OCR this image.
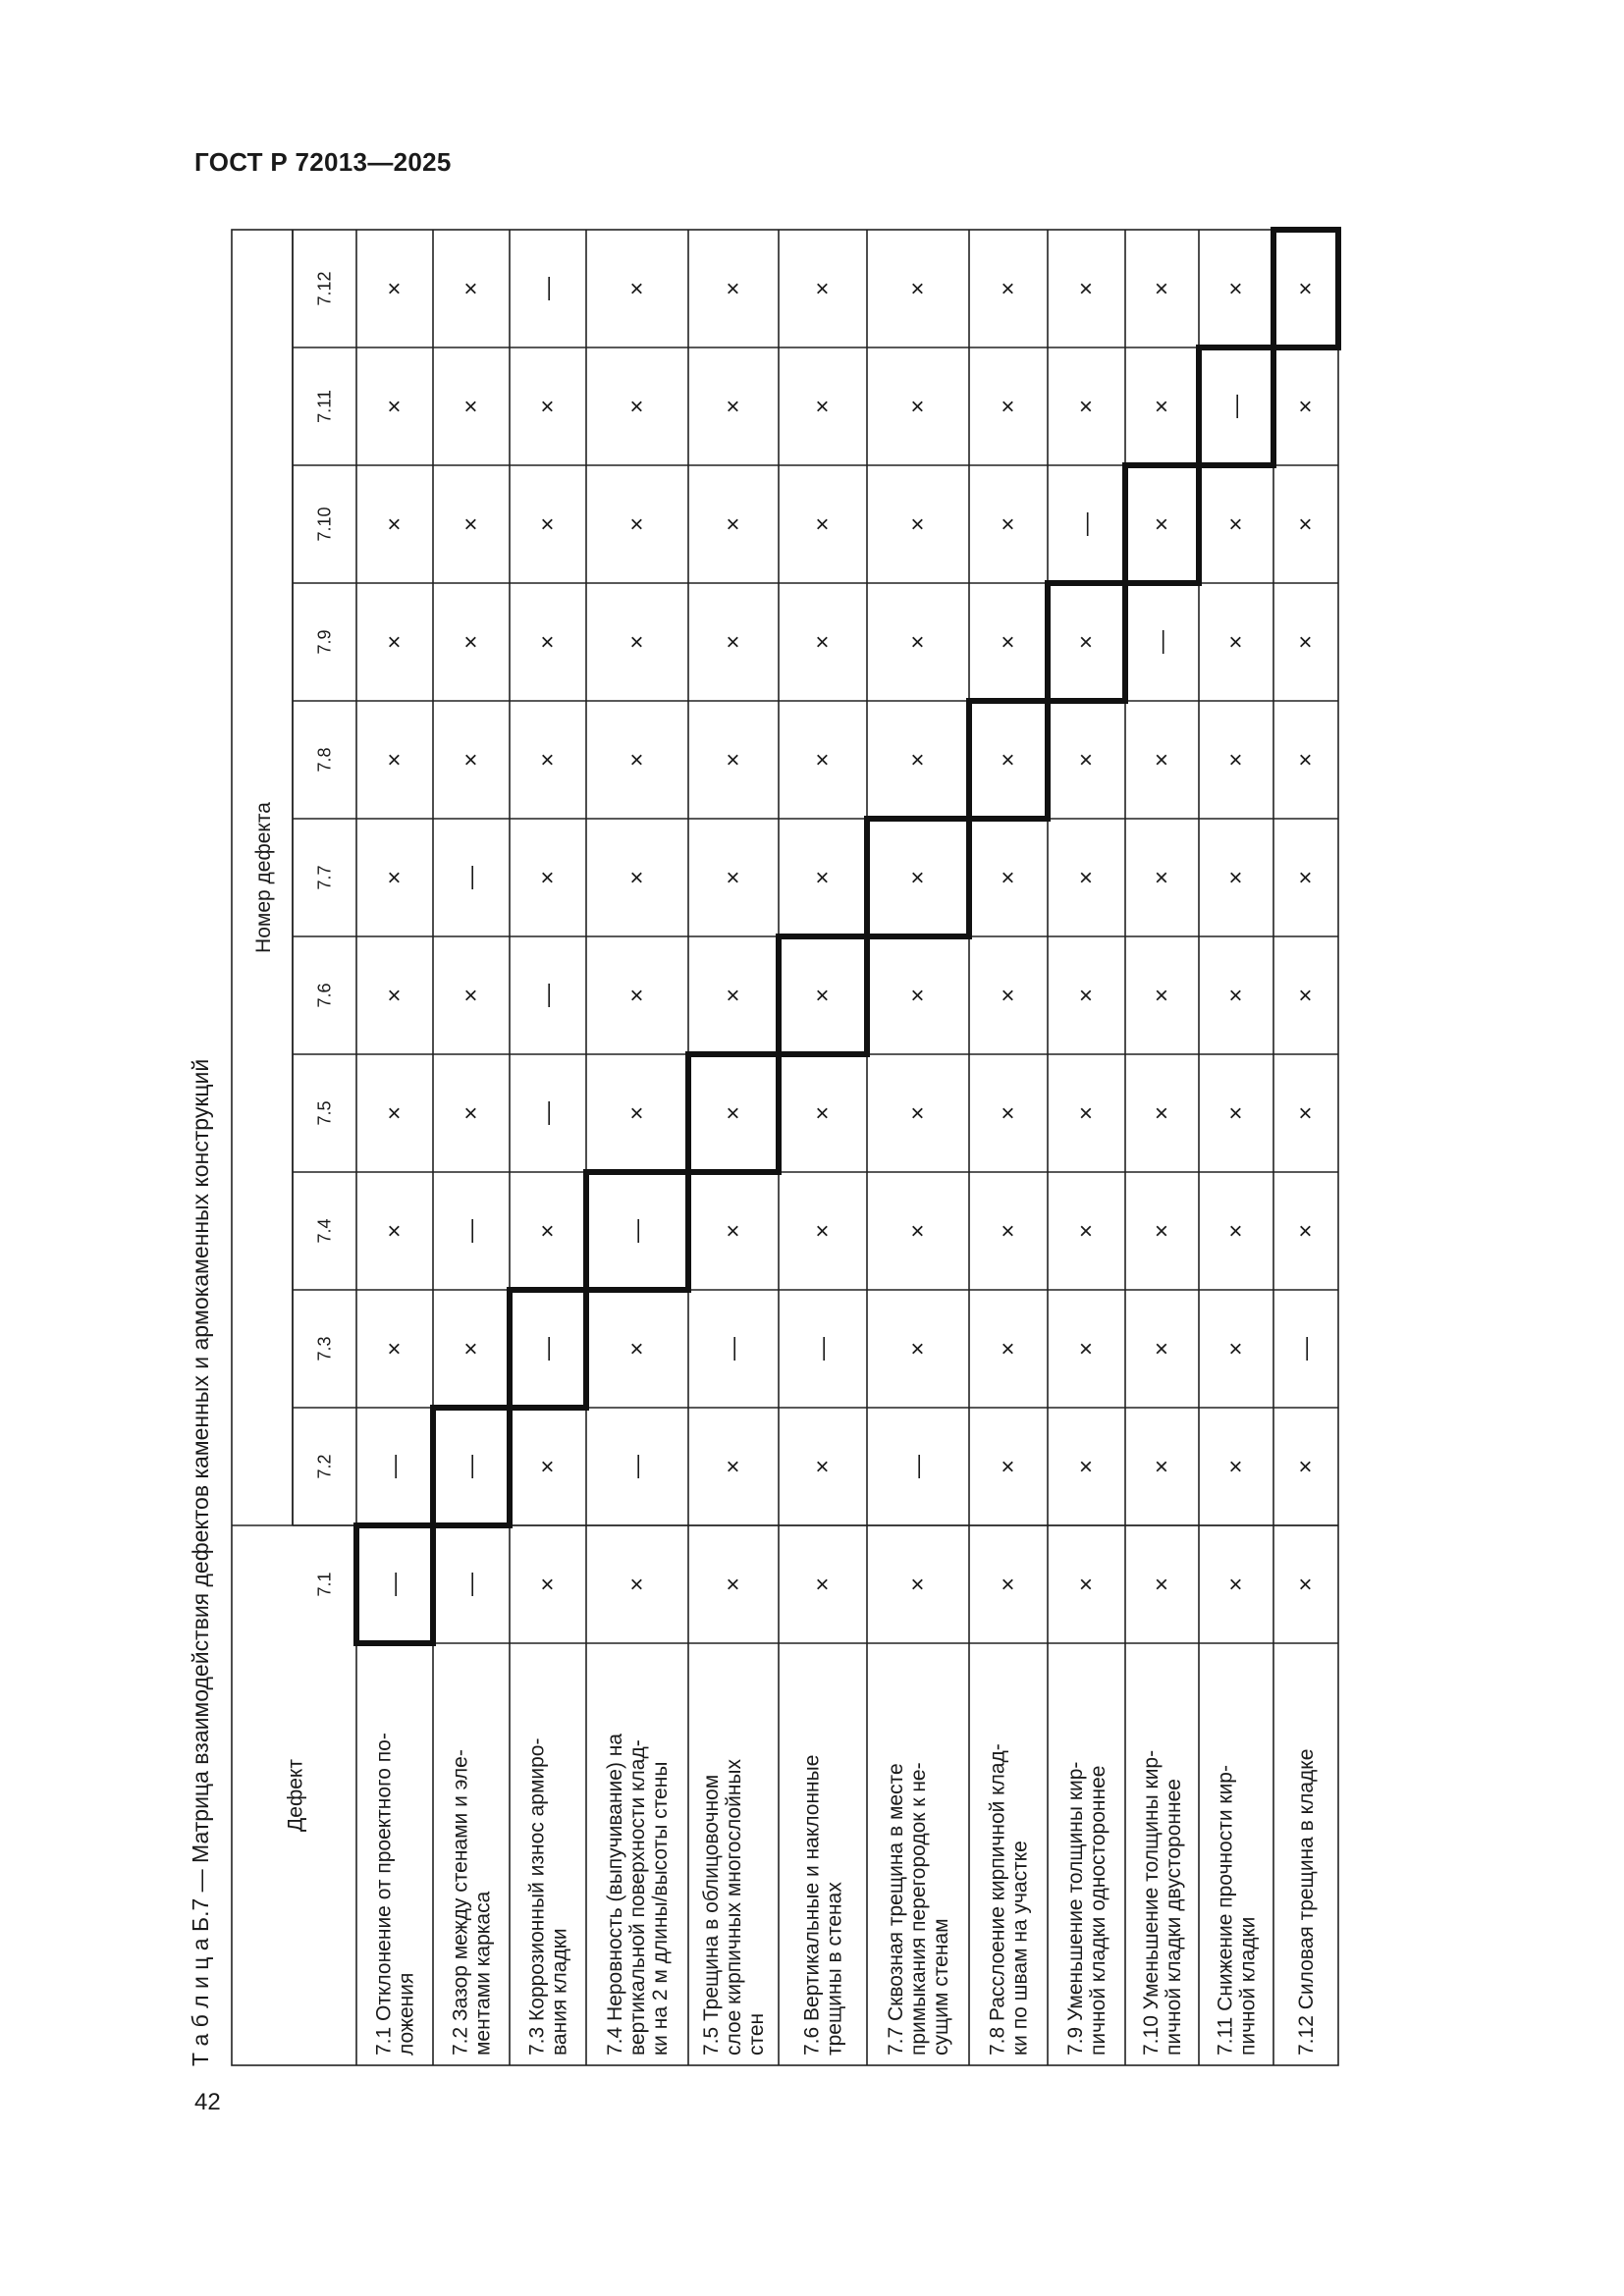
ГОСТ Р 72013—2025
Т а б л и ц а Б.7 — Матрица взаимодействия дефектов каменных и армокаменных конструкций
42
Дефект
Номер дефекта
7.1
7.2
7.3
7.4
7.5
7.6
7.7
7.8
7.9
7.10
7.11
7.12
7.1 Отклонение от проектного по- ложения
—
—
×
×
×
×
×
×
×
×
×
×
7.2 Зазор между стенами и эле- ментами каркаса
—
—
×
—
×
×
—
×
×
×
×
×
7.3 Коррозионный износ армиро- вания кладки
×
×
—
×
—
—
×
×
×
×
×
—
7.4 Неровность (выпучивание) на вертикальной поверхности клад- ки на 2 м длины/высоты стены
×
—
×
—
×
×
×
×
×
×
×
×
7.5 Трещина в облицовочном слое кирпичных многослойных стен
×
×
—
×
×
×
×
×
×
×
×
×
7.6 Вертикальные и наклонные трещины в стенах
×
×
—
×
×
×
×
×
×
×
×
×
7.7 Сквозная трещина в месте примыкания перегородок к не- сущим стенам
×
—
×
×
×
×
×
×
×
×
×
×
7.8 Расслоение кирпичной клад- ки по швам на участке
×
×
×
×
×
×
×
×
×
×
×
×
7.9 Уменьшение толщины кир- пичной кладки одностороннее
×
×
×
×
×
×
×
×
×
—
×
×
7.10 Уменьшение толщины кир- пичной кладки двустороннее
×
×
×
×
×
×
×
×
—
×
×
×
7.11 Снижение прочности кир- пичной кладки
×
×
×
×
×
×
×
×
×
×
—
×
7.12 Силовая трещина в кладке
×
×
—
×
×
×
×
×
×
×
×
×
